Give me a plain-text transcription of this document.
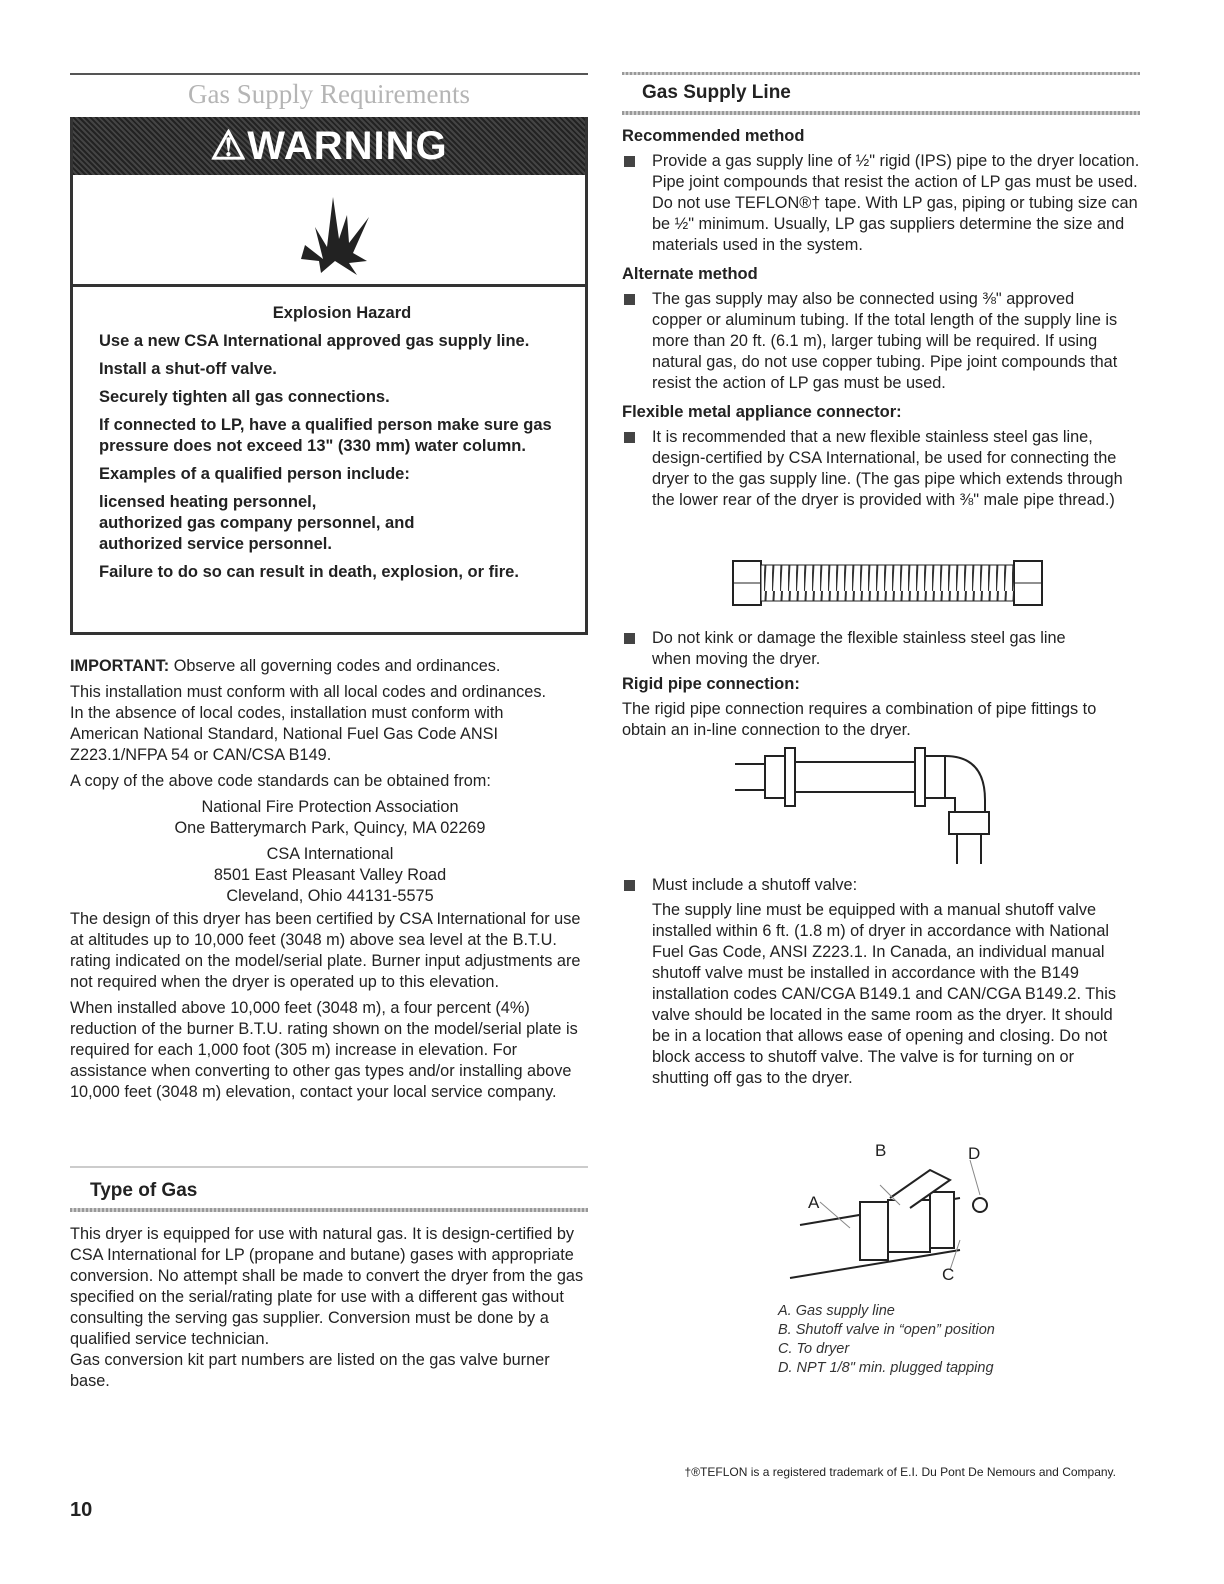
Gas Supply Requirements
⚠WARNING

Explosion Hazard

Use a new CSA International approved gas supply line.

Install a shut-off valve.

Securely tighten all gas connections.

If connected to LP, have a qualified person make sure gas pressure does not exceed 13" (330 mm) water column.

Examples of a qualified person include:

licensed heating personnel,
authorized gas company personnel, and
authorized service personnel.

Failure to do so can result in death, explosion, or fire.

IMPORTANT: Observe all governing codes and ordinances.

This installation must conform with all local codes and ordinances. In the absence of local codes, installation must conform with American National Standard, National Fuel Gas Code ANSI Z223.1/NFPA 54 or CAN/CSA B149.

A copy of the above code standards can be obtained from:

National Fire Protection Association
One Batterymarch Park, Quincy, MA 02269

CSA International
8501 East Pleasant Valley Road
Cleveland, Ohio 44131-5575

The design of this dryer has been certified by CSA International for use at altitudes up to 10,000 feet (3048 m) above sea level at the B.T.U. rating indicated on the model/serial plate. Burner input adjustments are not required when the dryer is operated up to this elevation.

When installed above 10,000 feet (3048 m), a four percent (4%) reduction of the burner B.T.U. rating shown on the model/serial plate is required for each 1,000 foot (305 m) increase in elevation. For assistance when converting to other gas types and/or installing above 10,000 feet (3048 m) elevation, contact your local service company.

Type of Gas

This dryer is equipped for use with natural gas. It is design-certified by CSA International for LP (propane and butane) gases with appropriate conversion. No attempt shall be made to convert the dryer from the gas specified on the serial/rating plate for use with a different gas without consulting the serving gas supplier. Conversion must be done by a qualified service technician.
Gas conversion kit part numbers are listed on the gas valve burner base.

Gas Supply Line
Recommended method
Provide a gas supply line of ½" rigid (IPS) pipe to the dryer location. Pipe joint compounds that resist the action of LP gas must be used. Do not use TEFLON®† tape. With LP gas, piping or tubing size can be ½" minimum. Usually, LP gas suppliers determine the size and materials used in the system.
Alternate method
The gas supply may also be connected using ⅜" approved copper or aluminum tubing. If the total length of the supply line is more than 20 ft. (6.1 m), larger tubing will be required. If using natural gas, do not use copper tubing. Pipe joint compounds that resist the action of LP gas must be used.
Flexible metal appliance connector:
It is recommended that a new flexible stainless steel gas line, design-certified by CSA International, be used for connecting the dryer to the gas supply line. (The gas pipe which extends through the lower rear of the dryer is provided with ⅜" male pipe thread.)
Do not kink or damage the flexible stainless steel gas line when moving the dryer.
Rigid pipe connection:

The rigid pipe connection requires a combination of pipe fittings to obtain an in-line connection to the dryer.

Must include a shutoff valve:

The supply line must be equipped with a manual shutoff valve installed within 6 ft. (1.8 m) of dryer in accordance with National Fuel Gas Code, ANSI Z223.1. In Canada, an individual manual shutoff valve must be installed in accordance with the B149 installation codes CAN/CGA B149.1 and CAN/CGA B149.2. This valve should be located in the same room as the dryer. It should be in a location that allows ease of opening and closing. Do not block access to shutoff valve. The valve is for turning on or shutting off gas to the dryer.

B	D
A
C
A. Gas supply line
B. Shutoff valve in “open” position
C. To dryer
D. NPT 1/8" min. plugged tapping
†®TEFLON is a registered trademark of E.I. Du Pont De Nemours and Company.
10
